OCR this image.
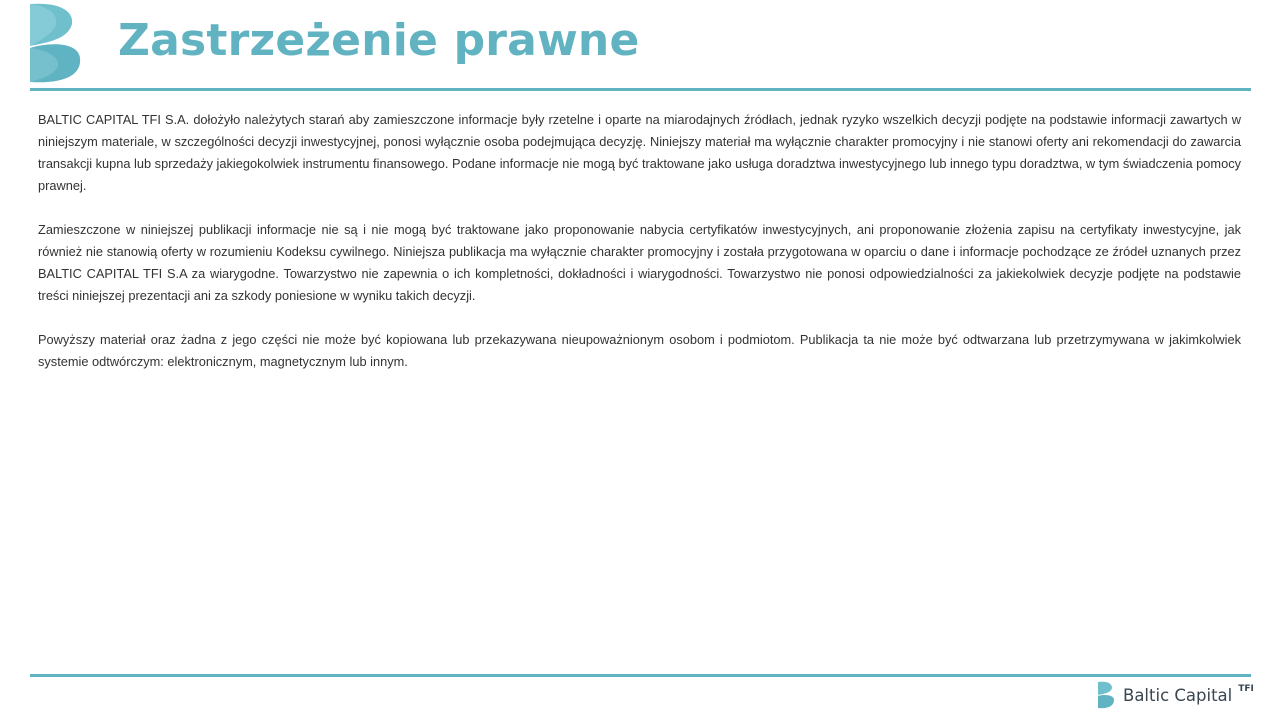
Zastrzeżenie prawne

BALTIC CAPITAL TFI S.A. dołożyło należytych starań aby zamieszczone informacje były rzetelne i oparte na miarodajnych źródłach, jednak ryzyko wszelkich decyzji podjęte na podstawie informacji zawartych w niniejszym materiale, w szczególności decyzji inwestycyjnej, ponosi wyłącznie osoba podejmująca decyzję. Niniejszy materiał ma wyłącznie charakter promocyjny i nie stanowi oferty ani rekomendacji do zawarcia transakcji kupna lub sprzedaży jakiegokolwiek instrumentu finansowego. Podane informacje nie mogą być traktowane jako usługa doradztwa inwestycyjnego lub innego typu doradztwa, w tym świadczenia pomocy prawnej.

Zamieszczone w niniejszej publikacji informacje nie są i nie mogą być traktowane jako proponowanie nabycia certyfikatów inwestycyjnych, ani proponowanie złożenia zapisu na certyfikaty inwestycyjne, jak również nie stanowią oferty w rozumieniu Kodeksu cywilnego. Niniejsza publikacja ma wyłącznie charakter promocyjny i została przygotowana w oparciu o dane i informacje pochodzące ze źródeł uznanych przez BALTIC CAPITAL TFI S.A za wiarygodne. Towarzystwo nie zapewnia o ich kompletności, dokładności i wiarygodności. Towarzystwo nie ponosi odpowiedzialności za jakiekolwiek decyzje podjęte na podstawie treści niniejszej prezentacji ani za szkody poniesione w wyniku takich decyzji.

Powyższy materiał oraz żadna z jego części nie może być kopiowana lub przekazywana nieupoważnionym osobom i podmiotom. Publikacja ta nie może być odtwarzana lub przetrzymywana w jakimkolwiek systemie odtwórczym: elektronicznym, magnetycznym lub innym.

Baltic Capital TFI
